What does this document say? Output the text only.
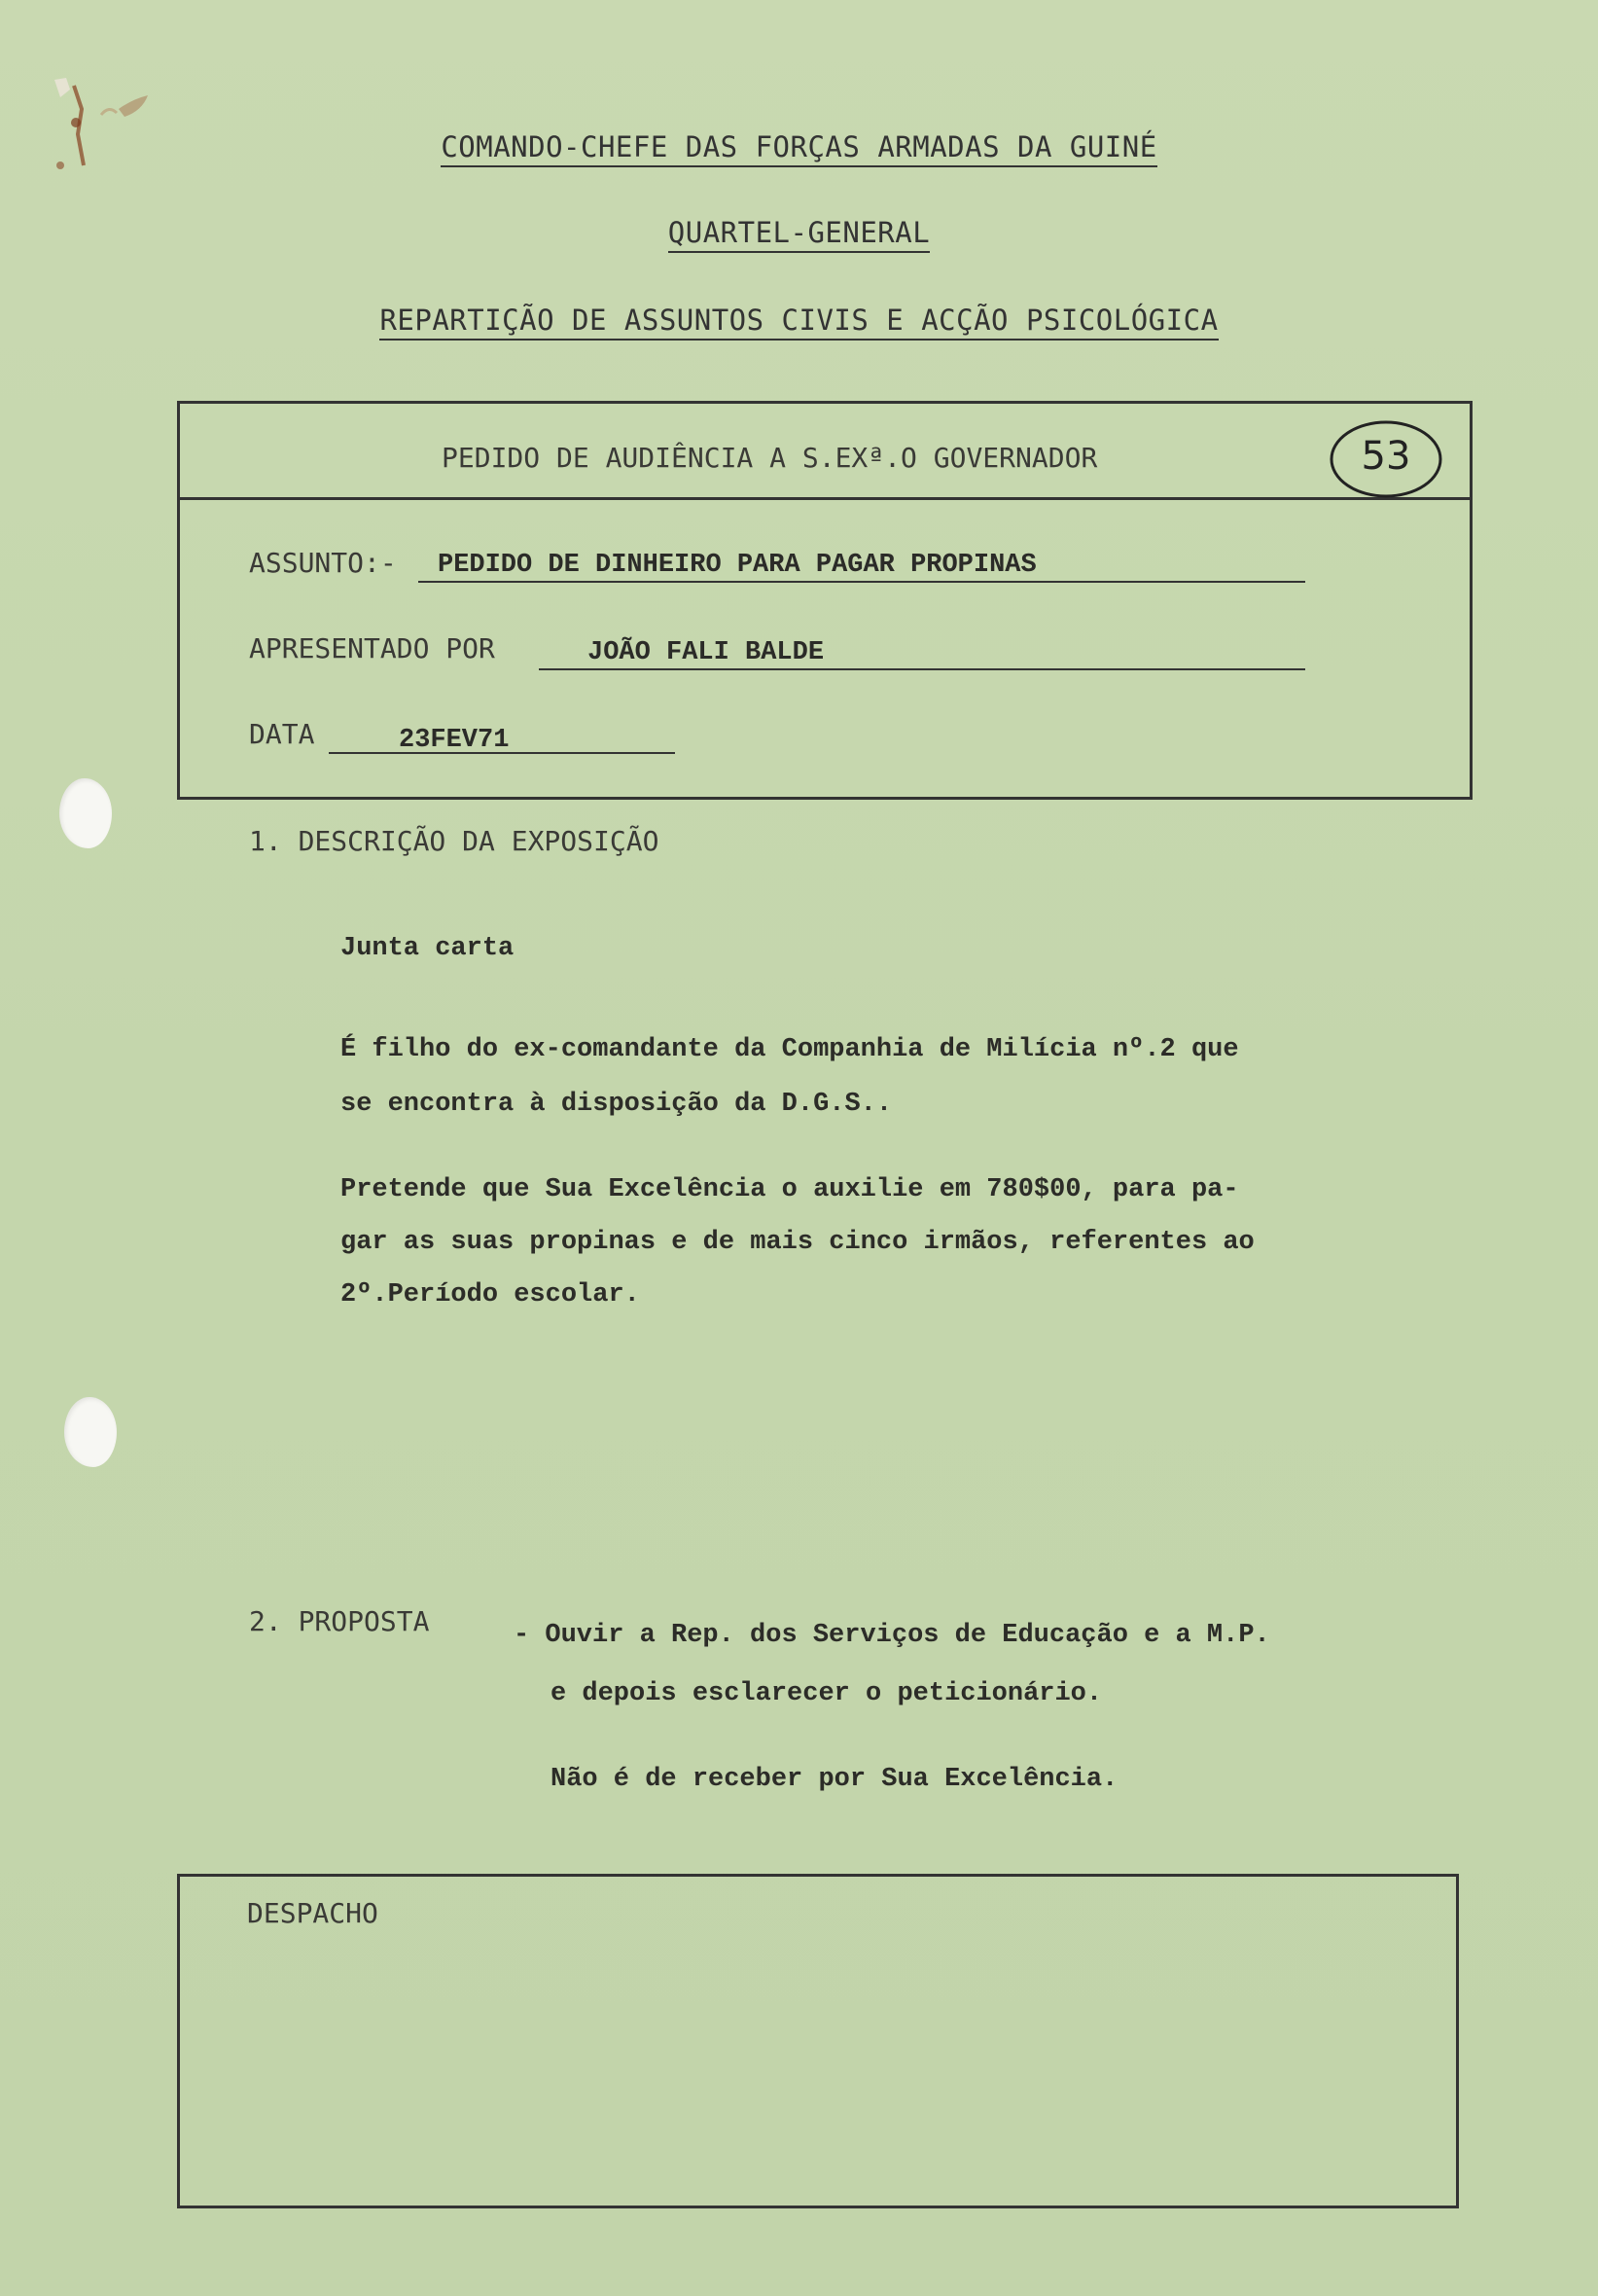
COMANDO-CHEFE DAS FORÇAS ARMADAS DA GUINÉ
QUARTEL-GENERAL
REPARTIÇÃO DE ASSUNTOS CIVIS E ACÇÃO PSICOLÓGICA
PEDIDO DE AUDIÊNCIA A S.EXª.O GOVERNADOR	53
ASSUNTO:- PEDIDO DE DINHEIRO PARA PAGAR PROPINAS
APRESENTADO POR	JOÃO FALI BALDE
DATA	23FEV71
1. DESCRIÇÃO DA EXPOSIÇÃO
Junta carta
É filho do ex-comandante da Companhia de Milícia nº.2 que
se encontra à disposição da D.G.S..
Pretende que Sua Excelência o auxilie em 780$00, para pa-
gar as suas propinas e de mais cinco irmãos, referentes ao
2º.Período escolar.
2. PROPOSTA	- Ouvir a Rep. dos Serviços de Educação e a M.P.
e depois esclarecer o peticionário.
Não é de receber por Sua Excelência.
DESPACHO
